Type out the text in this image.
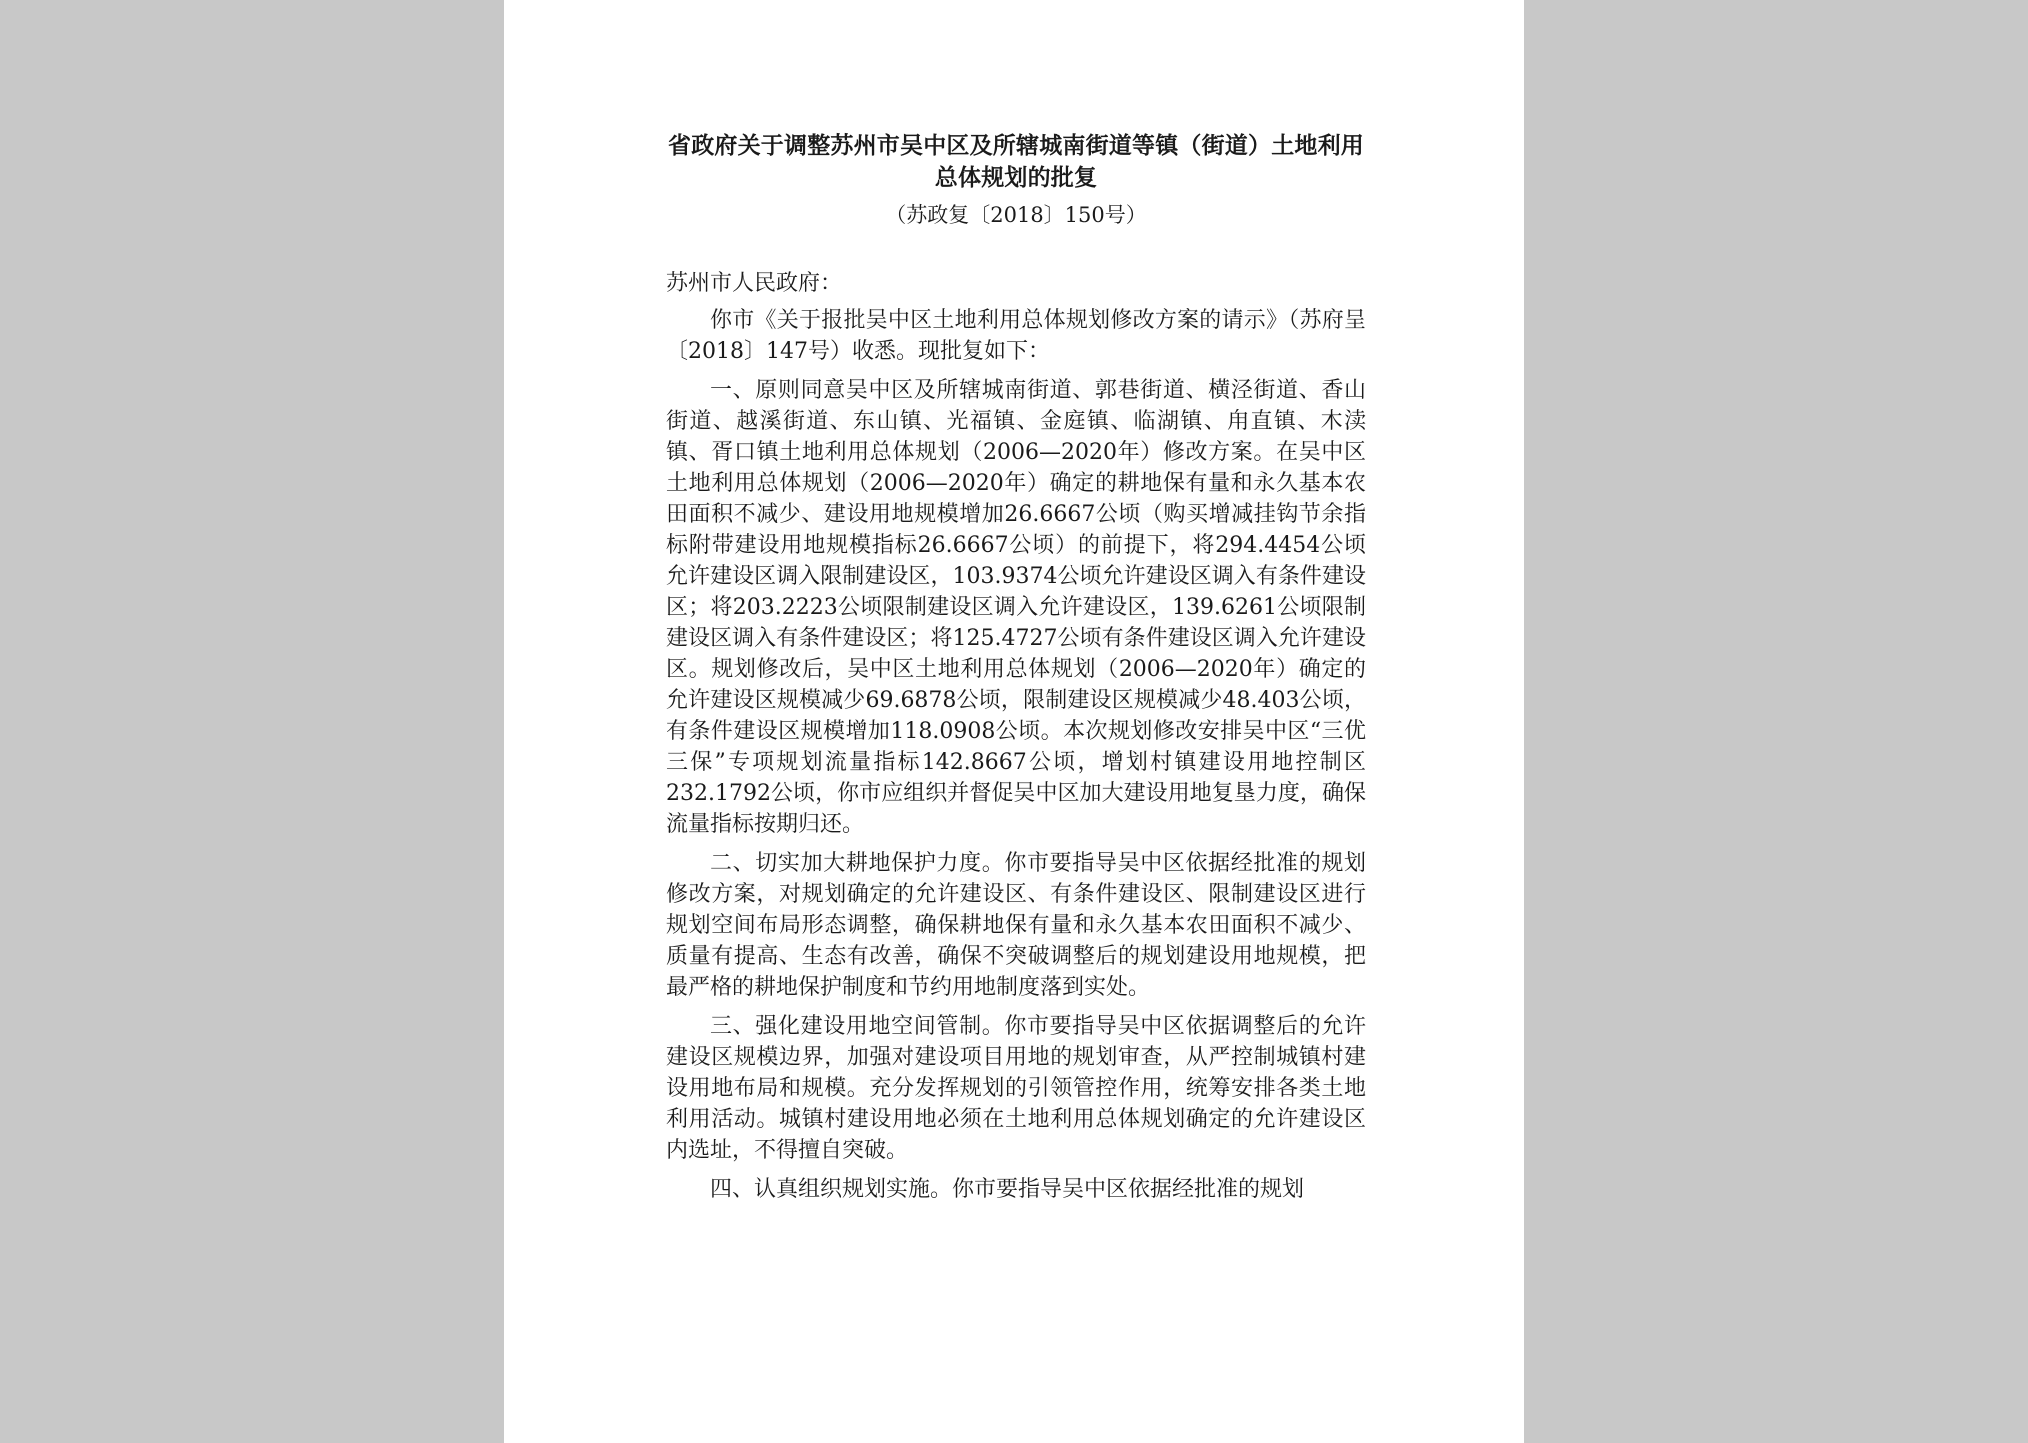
省政府关于调整苏州市吴中区及所辖城南街道等镇（街道）土地利用总体规划的批复
（苏政复〔2018〕150号）
苏州市人民政府：

你市《关于报批吴中区土地利用总体规划修改方案的请示》（苏府呈〔2018〕147号）收悉。现批复如下：

一、原则同意吴中区及所辖城南街道、郭巷街道、横泾街道、香山街道、越溪街道、东山镇、光福镇、金庭镇、临湖镇、甪直镇、木渎镇、胥口镇土地利用总体规划（2006—2020年）修改方案。在吴中区土地利用总体规划（2006—2020年）确定的耕地保有量和永久基本农田面积不减少、建设用地规模增加26.6667公顷（购买增减挂钩节余指标附带建设用地规模指标26.6667公顷）的前提下，将294.4454公顷允许建设区调入限制建设区，103.9374公顷允许建设区调入有条件建设区；将203.2223公顷限制建设区调入允许建设区，139.6261公顷限制建设区调入有条件建设区；将125.4727公顷有条件建设区调入允许建设区。规划修改后，吴中区土地利用总体规划（2006—2020年）确定的允许建设区规模减少69.6878公顷，限制建设区规模减少48.403公顷，有条件建设区规模增加118.0908公顷。本次规划修改安排吴中区“三优三保”专项规划流量指标142.8667公顷，增划村镇建设用地控制区232.1792公顷，你市应组织并督促吴中区加大建设用地复垦力度，确保流量指标按期归还。

二、切实加大耕地保护力度。你市要指导吴中区依据经批准的规划修改方案，对规划确定的允许建设区、有条件建设区、限制建设区进行规划空间布局形态调整，确保耕地保有量和永久基本农田面积不减少、质量有提高、生态有改善，确保不突破调整后的规划建设用地规模，把最严格的耕地保护制度和节约用地制度落到实处。

三、强化建设用地空间管制。你市要指导吴中区依据调整后的允许建设区规模边界，加强对建设项目用地的规划审查，从严控制城镇村建设用地布局和规模。充分发挥规划的引领管控作用，统筹安排各类土地利用活动。城镇村建设用地必须在土地利用总体规划确定的允许建设区内选址，不得擅自突破。

四、认真组织规划实施。你市要指导吴中区依据经批准的规划
